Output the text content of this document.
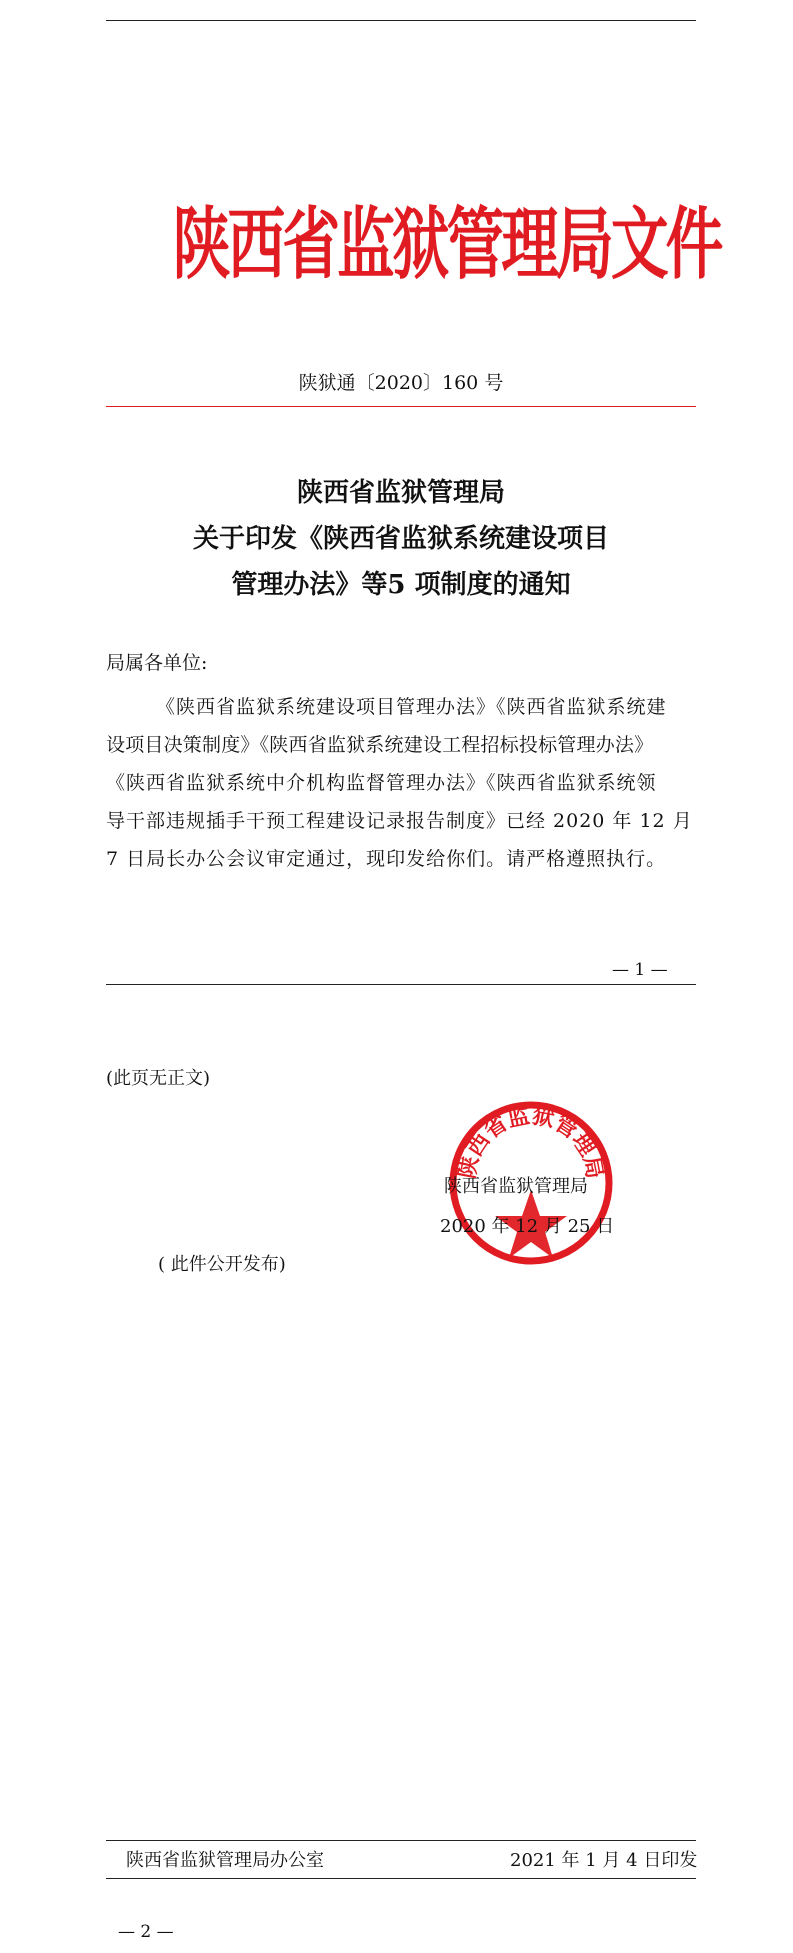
陕西省监狱管理局文件
陕狱通〔2020〕160 号
陕西省监狱管理局
关于印发《陕西省监狱系统建设项目
管理办法》等5 项制度的通知
局属各单位:
《陕西省监狱系统建设项目管理办法》《陕西省监狱系统建
设项目决策制度》《陕西省监狱系统建设工程招标投标管理办法》
《陕西省监狱系统中介机构监督管理办法》《陕西省监狱系统领
导干部违规插手干预工程建设记录报告制度》已经 2020 年 12 月
7 日局长办公会议审定通过，现印发给你们。请严格遵照执行。
— 1 —
(此页无正文)
陕西省监狱管理局
陕西省监狱管理局
2020 年 12 月 25 日
( 此件公开发布)
陕西省监狱管理局办公室	2021 年 1 月 4 日印发
— 2 —
